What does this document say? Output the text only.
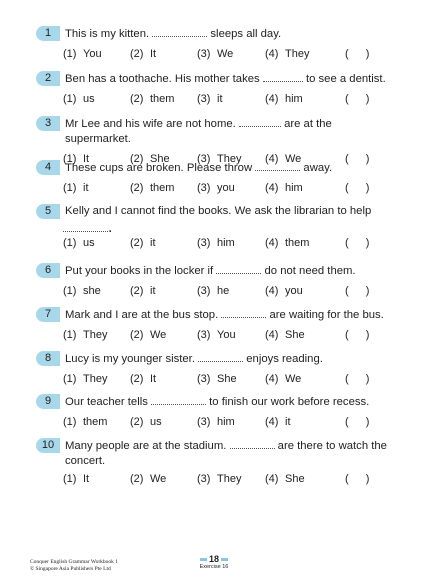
1	This is my kitten.	sleeps all day.
(1) You	(2) It	(3) We	(4) They	( )
2	Ben has a toothache. His mother takes	to see a dentist.
(1) us	(2) them	(3) it	(4) him	( )
3	Mr Lee and his wife are not home.	are at the supermarket.
(1) It	(2) She	(3) They	(4) We	( )
4	These cups are broken. Please throw	away.
(1) it	(2) them	(3) you	(4) him	( )
5	Kelly and I cannot find the books. We ask the librarian to help
.
(1) us	(2) it	(3) him	(4) them	( )
6	Put your books in the locker if	do not need them.
(1) she	(2) it	(3) he	(4) you	( )
7	Mark and I are at the bus stop.	are waiting for the bus.
(1) They	(2) We	(3) You	(4) She	( )
8	Lucy is my younger sister.	enjoys reading.
(1) They	(2) It	(3) She	(4) We	( )
9	Our teacher tells	to finish our work before recess.
(1) them	(2) us	(3) him	(4) it	( )
10 Many people are at the stadium.	are there to watch the concert.
(1) It	(2) We	(3) They	(4) She	( )
Conquer English Grammar Workbook 1
© Singapore Asia Publishers Pte Ltd
18
Exercise 16
